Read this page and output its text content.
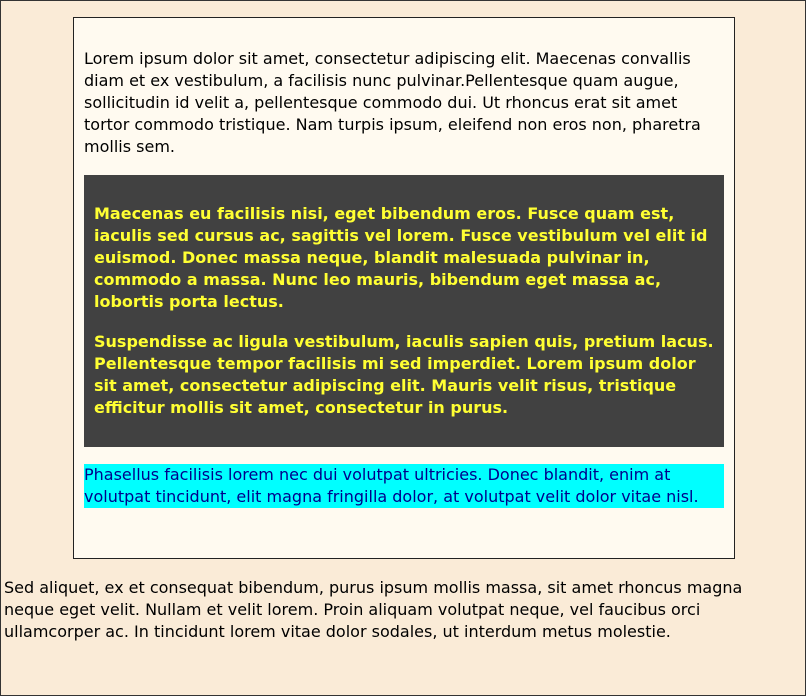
Lorem ipsum dolor sit amet, consectetur adipiscing elit. Maecenas convallis diam et ex vestibulum, a facilisis nunc pulvinar.Pellentesque quam augue, sollicitudin id velit a, pellentesque commodo dui. Ut rhoncus erat sit amet tortor commodo tristique. Nam turpis ipsum, eleifend non eros non, pharetra mollis sem.

Maecenas eu facilisis nisi, eget bibendum eros. Fusce quam est, iaculis sed cursus ac, sagittis vel lorem. Fusce vestibulum vel elit id euismod. Donec massa neque, blandit malesuada pulvinar in, commodo a massa. Nunc leo mauris, bibendum eget massa ac, lobortis porta lectus.

Suspendisse ac ligula vestibulum, iaculis sapien quis, pretium lacus. Pellentesque tempor facilisis mi sed imperdiet. Lorem ipsum dolor sit amet, consectetur adipiscing elit. Mauris velit risus, tristique efficitur mollis sit amet, consectetur in purus.

Phasellus facilisis lorem nec dui volutpat ultricies. Donec blandit, enim at volutpat tincidunt, elit magna fringilla dolor, at volutpat velit dolor vitae nisl.

Sed aliquet, ex et consequat bibendum, purus ipsum mollis massa, sit amet rhoncus magna neque eget velit. Nullam et velit lorem. Proin aliquam volutpat neque, vel faucibus orci ullamcorper ac. In tincidunt lorem vitae dolor sodales, ut interdum metus molestie.
